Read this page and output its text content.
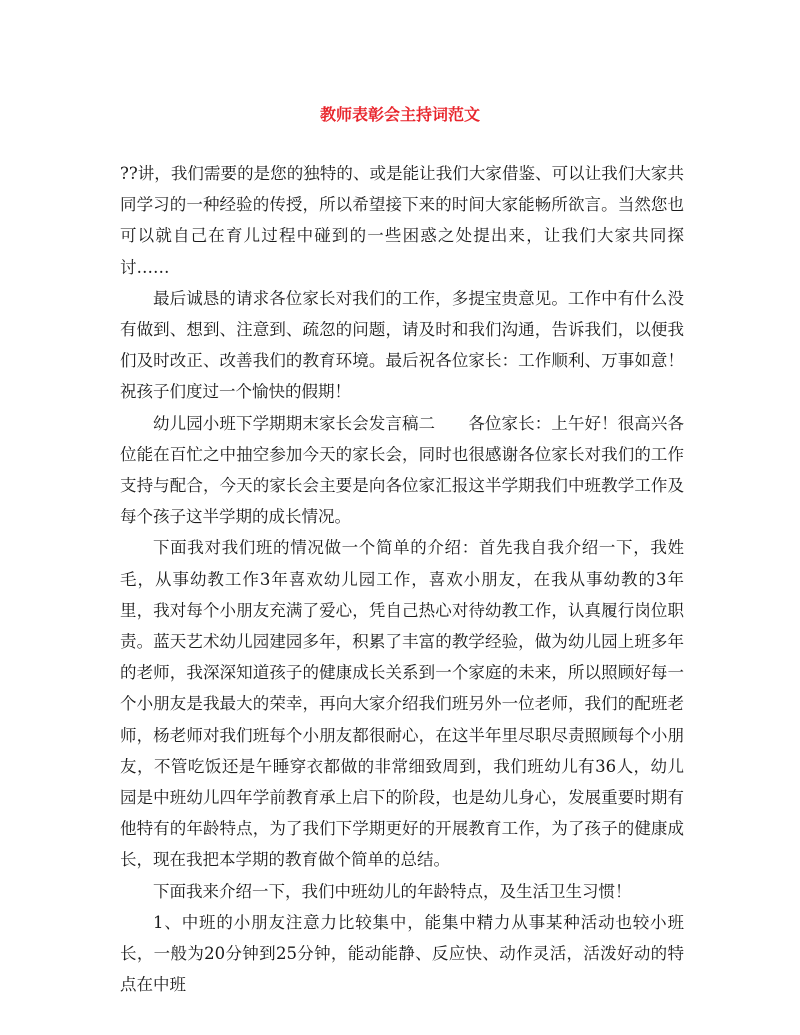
教师表彰会主持词范文

??讲，我们需要的是您的独特的、或是能让我们大家借鉴、可以让我们大家共同学习的一种经验的传授，所以希望接下来的时间大家能畅所欲言。当然您也可以就自己在育儿过程中碰到的一些困惑之处提出来，让我们大家共同探讨……

最后诚恳的请求各位家长对我们的工作，多提宝贵意见。工作中有什么没有做到、想到、注意到、疏忽的问题，请及时和我们沟通，告诉我们，以便我们及时改正、改善我们的教育环境。最后祝各位家长：工作顺利、万事如意！祝孩子们度过一个愉快的假期！

幼儿园小班下学期期末家长会发言稿二　　各位家长：上午好！很高兴各位能在百忙之中抽空参加今天的家长会，同时也很感谢各位家长对我们的工作支持与配合，今天的家长会主要是向各位家汇报这半学期我们中班教学工作及每个孩子这半学期的成长情况。

下面我对我们班的情况做一个简单的介绍：首先我自我介绍一下，我姓毛，从事幼教工作3年喜欢幼儿园工作，喜欢小朋友，在我从事幼教的3年里，我对每个小朋友充满了爱心，凭自己热心对待幼教工作，认真履行岗位职责。蓝天艺术幼儿园建园多年，积累了丰富的教学经验，做为幼儿园上班多年的老师，我深深知道孩子的健康成长关系到一个家庭的未来，所以照顾好每一个小朋友是我最大的荣幸，再向大家介绍我们班另外一位老师，我们的配班老师，杨老师对我们班每个小朋友都很耐心，在这半年里尽职尽责照顾每个小朋友，不管吃饭还是午睡穿衣都做的非常细致周到，我们班幼儿有36人，幼儿园是中班幼儿四年学前教育承上启下的阶段，也是幼儿身心，发展重要时期有他特有的年龄特点，为了我们下学期更好的开展教育工作，为了孩子的健康成长，现在我把本学期的教育做个简单的总结。

下面我来介绍一下，我们中班幼儿的年龄特点，及生活卫生习惯！

1、中班的小朋友注意力比较集中，能集中精力从事某种活动也较小班长，一般为20分钟到25分钟，能动能静、反应快、动作灵活，活泼好动的特点在中班
